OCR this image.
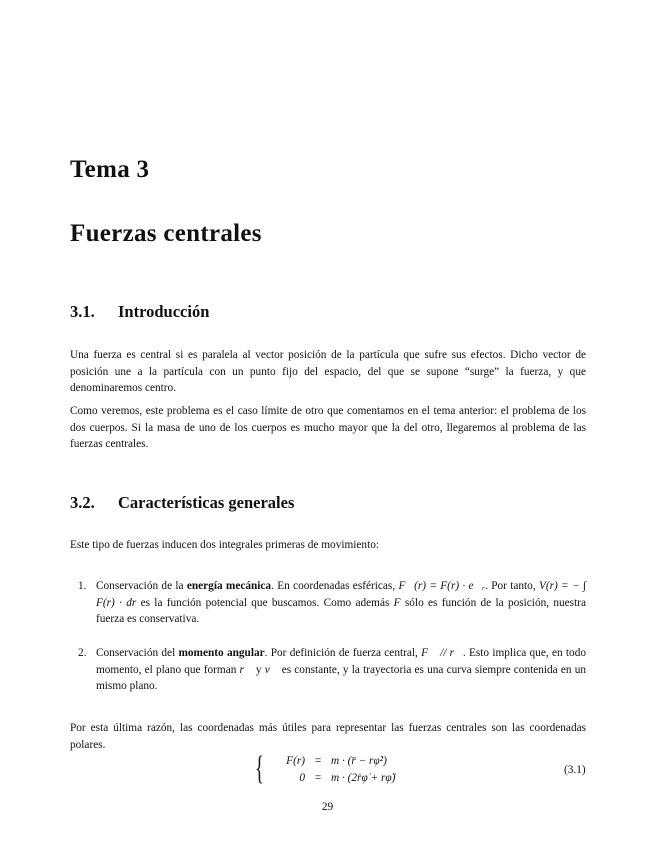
Tema 3
Fuerzas centrales
3.1. Introducción

Una fuerza es central si es paralela al vector posición de la partícula que sufre sus efectos. Dicho vector de posición une a la partícula con un punto fijo del espacio, del que se supone “surge” la fuerza, y que denominaremos centro.

Como veremos, este problema es el caso límite de otro que comentamos en el tema anterior: el problema de los dos cuerpos. Si la masa de uno de los cuerpos es mucho mayor que la del otro, llegaremos al problema de las fuerzas centrales.

3.2. Características generales

Este tipo de fuerzas inducen dos integrales primeras de movimiento:

1. Conservación de la energía mecánica. En coordenadas esféricas, F⃗(r) = F(r) · e⃗ᵣ. Por tanto, V(r) = − ∫ F(r) · dr es la función potencial que buscamos. Como además F sólo es función de la posición, nuestra fuerza es conservativa.
2. Conservación del momento angular. Por definición de fuerza central, F⃗ // r⃗. Esto implica que, en todo momento, el plano que forman r⃗ y v⃗ es constante, y la trayectoria es una curva siempre contenida en un mismo plano.

Por esta última razón, las coordenadas más útiles para representar las fuerzas centrales son las coordenadas polares.

{	F(r) = m · (r̈ − rφ̇²)
0 = m · (2ṙφ̇ + rφ̈)
(3.1)
29
